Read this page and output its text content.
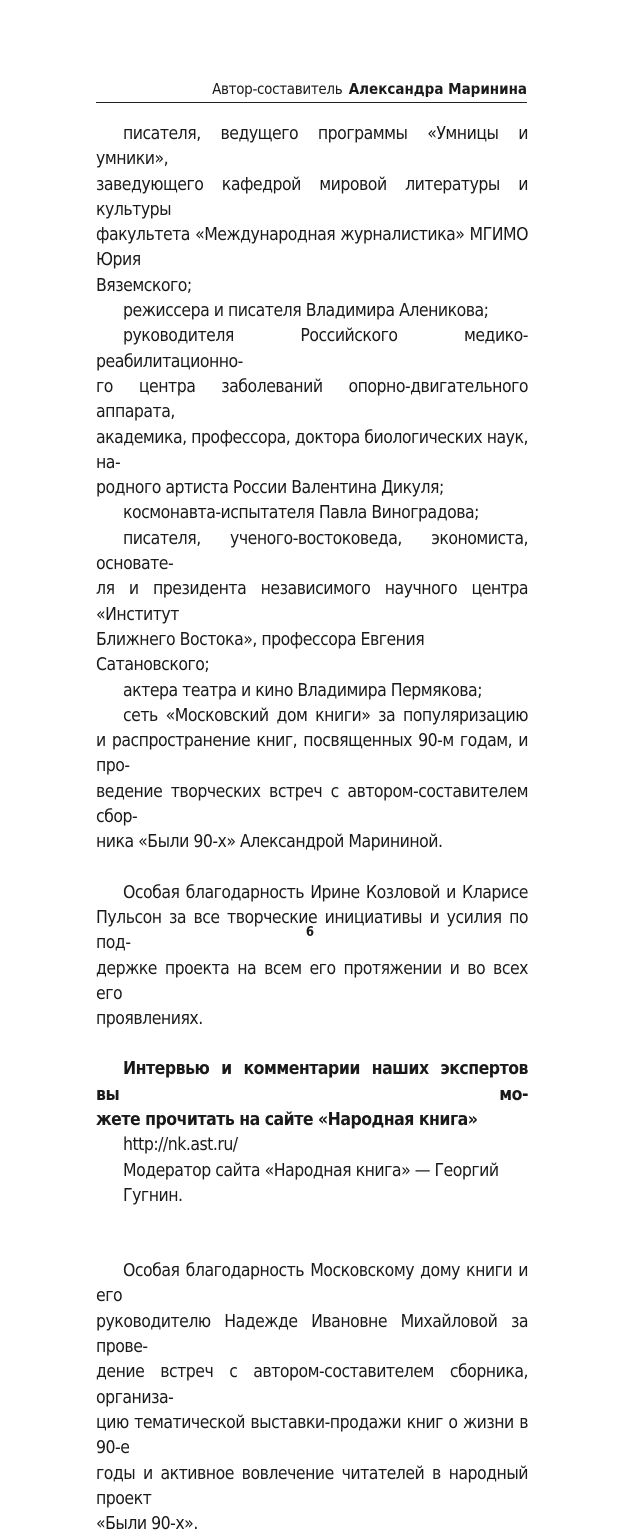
Автор-составитель Александра Маринина

писателя, ведущего программы «Умницы и умники»,

заведующего кафедрой мировой литературы и культуры

факультета «Международная журналистика» МГИМО Юрия

Вяземского;

режиссера и писателя Владимира Аленикова;

руководителя Российского медико-реабилитационно-

го центра заболеваний опорно-двигательного аппарата,

академика, профессора, доктора биологических наук, на-

родного артиста России Валентина Дикуля;

космонавта-испытателя Павла Виноградова;

писателя, ученого-востоковеда, экономиста, основате-

ля и президента независимого научного центра «Институт

Ближнего Востока», профессора Евгения Сатановского;

актера театра и кино Владимира Пермякова;

сеть «Московский дом книги» за популяризацию

и распространение книг, посвященных 90-м годам, и про-

ведение творческих встреч с автором-составителем сбор-

ника «Были 90-х» Александрой Марининой.

Особая благодарность Ирине Козловой и Кларисе

Пульсон за все творческие инициативы и усилия по под-

держке проекта на всем его протяжении и во всех его

проявлениях.

Интервью и комментарии наших экспертов вы мо-

жете прочитать на сайте «Народная книга»

http://nk.ast.ru/

Модератор сайта «Народная книга» — Георгий Гугнин.

Особая благодарность Московскому дому книги и его

руководителю Надежде Ивановне Михайловой за прове-

дение встреч с автором-составителем сборника, организа-

цию тематической выставки-продажи книг о жизни в 90-е

годы и активное вовлечение читателей в народный проект

«Были 90-х».

6
